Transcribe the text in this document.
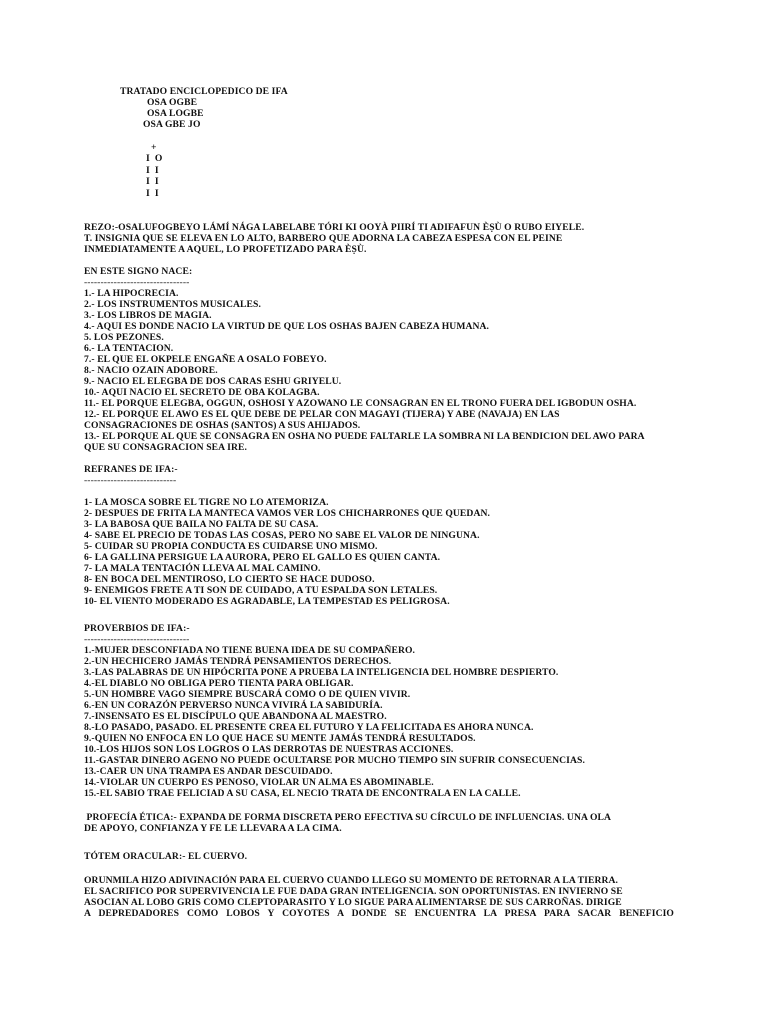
TRATADO ENCICLOPEDICO DE IFA
OSA OGBE
OSA LOGBE
OSA GBE JO
+
I  O
I  I
I  I
I  I
REZO:-OSALUFOGBEYO LÁMÍ NÁGA LABELABE TÓRI KI OOYÀ PIIRÍ TI ADIFAFUN ÈṢÙ O RUBO EIYELE.
T. INSIGNIA QUE SE ELEVA EN LO ALTO, BARBERO QUE ADORNA LA CABEZA ESPESA CON EL PEINE
INMEDIATAMENTE A AQUEL, LO PROFETIZADO PARA ÈṢÙ.
EN ESTE SIGNO NACE:
--------------------------------
1.- LA HIPOCRECIA.
2.- LOS INSTRUMENTOS MUSICALES.
3.- LOS LIBROS DE MAGIA.
4.- AQUI ES DONDE NACIO LA VIRTUD DE QUE LOS OSHAS BAJEN CABEZA HUMANA.
5. LOS PEZONES.
6.- LA TENTACION.
7.- EL QUE EL OKPELE ENGAÑE A OSALO FOBEYO.
8.- NACIO OZAIN ADOBORE.
9.- NACIO EL ELEGBA DE DOS CARAS ESHU GRIYELU.
10.- AQUI NACIO EL SECRETO DE OBA KOLAGBA.
11.- EL PORQUE ELEGBA, OGGUN, OSHOSI Y AZOWANO LE CONSAGRAN EN EL TRONO FUERA DEL IGBODUN OSHA.
12.- EL PORQUE EL AWO ES EL QUE DEBE DE PELAR CON MAGAYI (TIJERA) Y ABE (NAVAJA) EN LAS
CONSAGRACIONES DE OSHAS (SANTOS) A SUS AHIJADOS.
13.- EL PORQUE AL QUE SE CONSAGRA EN OSHA NO PUEDE FALTARLE LA SOMBRA NI LA BENDICION DEL AWO PARA
QUE SU CONSAGRACION SEA IRE.
REFRANES DE IFA:-
----------------------------
1- LA MOSCA SOBRE EL TIGRE NO LO ATEMORIZA.
2- DESPUES DE FRITA LA MANTECA VAMOS VER LOS CHICHARRONES QUE QUEDAN.
3- LA BABOSA QUE BAILA NO FALTA DE SU CASA.
4- SABE EL PRECIO DE TODAS LAS COSAS, PERO NO SABE EL VALOR DE NINGUNA.
5- CUIDAR SU PROPIA CONDUCTA ES CUIDARSE UNO MISMO.
6- LA GALLINA PERSIGUE LA AURORA, PERO EL GALLO ES QUIEN CANTA.
7- LA MALA TENTACIÓN LLEVA AL MAL CAMINO.
8- EN BOCA DEL MENTIROSO, LO CIERTO SE HACE DUDOSO.
9- ENEMIGOS FRETE A TI SON DE CUIDADO, A TU ESPALDA SON LETALES.
10- EL VIENTO MODERADO ES AGRADABLE, LA TEMPESTAD ES PELIGROSA.
PROVERBIOS DE IFA:-
--------------------------------
1.-MUJER DESCONFIADA NO TIENE BUENA IDEA DE SU COMPAÑERO.
2.-UN HECHICERO JAMÁS TENDRÁ PENSAMIENTOS DERECHOS.
3.-LAS PALABRAS DE UN HIPÓCRITA PONE A PRUEBA LA INTELIGENCIA DEL HOMBRE DESPIERTO.
4.-EL DIABLO NO OBLIGA PERO TIENTA PARA OBLIGAR.
5.-UN HOMBRE VAGO SIEMPRE BUSCARÁ COMO O DE QUIEN VIVIR.
6.-EN UN CORAZÓN PERVERSO NUNCA VIVIRÁ LA SABIDURÍA.
7.-INSENSATO ES EL DISCÍPULO QUE ABANDONA AL MAESTRO.
8.-LO PASADO, PASADO. EL PRESENTE CREA EL FUTURO Y LA FELICITADA ES AHORA NUNCA.
9.-QUIEN NO ENFOCA EN LO QUE HACE SU MENTE JAMÁS TENDRÁ RESULTADOS.
10.-LOS HIJOS SON LOS LOGROS O LAS DERROTAS DE NUESTRAS ACCIONES.
11.-GASTAR DINERO AGENO NO PUEDE OCULTARSE POR MUCHO TIEMPO SIN SUFRIR CONSECUENCIAS.
13.-CAER UN UNA TRAMPA ES ANDAR DESCUIDADO.
14.-VIOLAR UN CUERPO ES PENOSO, VIOLAR UN ALMA ES ABOMINABLE.
15.-EL SABIO TRAE FELICIAD A SU CASA, EL NECIO TRATA DE ENCONTRALA EN LA CALLE.
PROFECÍA ÉTICA:- EXPANDA DE FORMA DISCRETA PERO EFECTIVA SU CÍRCULO DE INFLUENCIAS. UNA OLA
DE APOYO, CONFIANZA Y FE LE LLEVARA A LA CIMA.
TÓTEM ORACULAR:- EL CUERVO.
ORUNMILA HIZO ADIVINACIÓN PARA EL CUERVO CUANDO LLEGO SU MOMENTO DE RETORNAR A LA TIERRA.
EL SACRIFICO POR SUPERVIVENCIA LE FUE DADA GRAN INTELIGENCIA. SON OPORTUNISTAS. EN INVIERNO SE
ASOCIAN AL LOBO GRIS COMO CLEPTOPARASITO Y LO SIGUE PARA ALIMENTARSE DE SUS CARROÑAS. DIRIGE
A DEPREDADORES COMO LOBOS Y COYOTES A DONDE SE ENCUENTRA LA PRESA PARA SACAR BENEFICIO
